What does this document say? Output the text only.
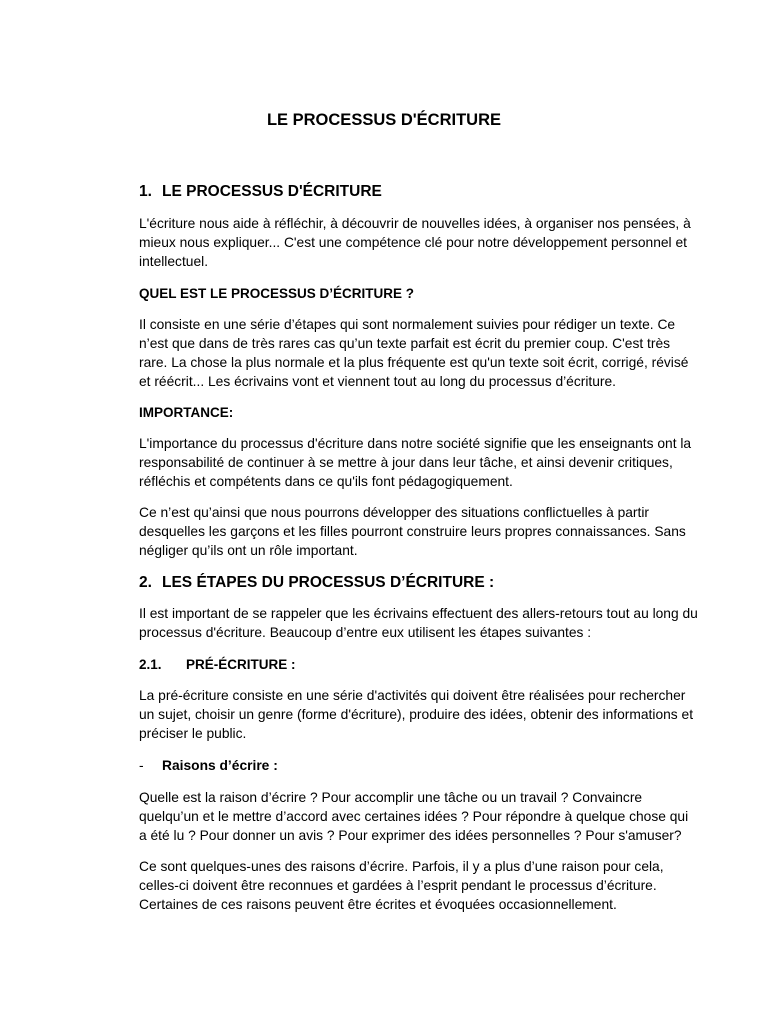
LE PROCESSUS D'ÉCRITURE
1. LE PROCESSUS D'ÉCRITURE

L'écriture nous aide à réfléchir, à découvrir de nouvelles idées, à organiser nos pensées, à mieux nous expliquer... C'est une compétence clé pour notre développement personnel et intellectuel.

QUEL EST LE PROCESSUS D’ÉCRITURE ?

Il consiste en une série d’étapes qui sont normalement suivies pour rédiger un texte. Ce n’est que dans de très rares cas qu’un texte parfait est écrit du premier coup. C'est très rare. La chose la plus normale et la plus fréquente est qu'un texte soit écrit, corrigé, révisé et réécrit... Les écrivains vont et viennent tout au long du processus d’écriture.

IMPORTANCE:

L'importance du processus d'écriture dans notre société signifie que les enseignants ont la responsabilité de continuer à se mettre à jour dans leur tâche, et ainsi devenir critiques, réfléchis et compétents dans ce qu'ils font pédagogiquement.

Ce n’est qu’ainsi que nous pourrons développer des situations conflictuelles à partir desquelles les garçons et les filles pourront construire leurs propres connaissances. Sans négliger qu’ils ont un rôle important.

2. LES ÉTAPES DU PROCESSUS D’ÉCRITURE :

Il est important de se rappeler que les écrivains effectuent des allers-retours tout au long du processus d'écriture. Beaucoup d’entre eux utilisent les étapes suivantes :

2.1. PRÉ-ÉCRITURE :

La pré-écriture consiste en une série d'activités qui doivent être réalisées pour rechercher un sujet, choisir un genre (forme d'écriture), produire des idées, obtenir des informations et préciser le public.

- Raisons d’écrire :

Quelle est la raison d’écrire ? Pour accomplir une tâche ou un travail ? Convaincre quelqu’un et le mettre d’accord avec certaines idées ? Pour répondre à quelque chose qui a été lu ? Pour donner un avis ? Pour exprimer des idées personnelles ? Pour s'amuser?

Ce sont quelques-unes des raisons d’écrire. Parfois, il y a plus d’une raison pour cela, celles-ci doivent être reconnues et gardées à l’esprit pendant le processus d’écriture. Certaines de ces raisons peuvent être écrites et évoquées occasionnellement.
